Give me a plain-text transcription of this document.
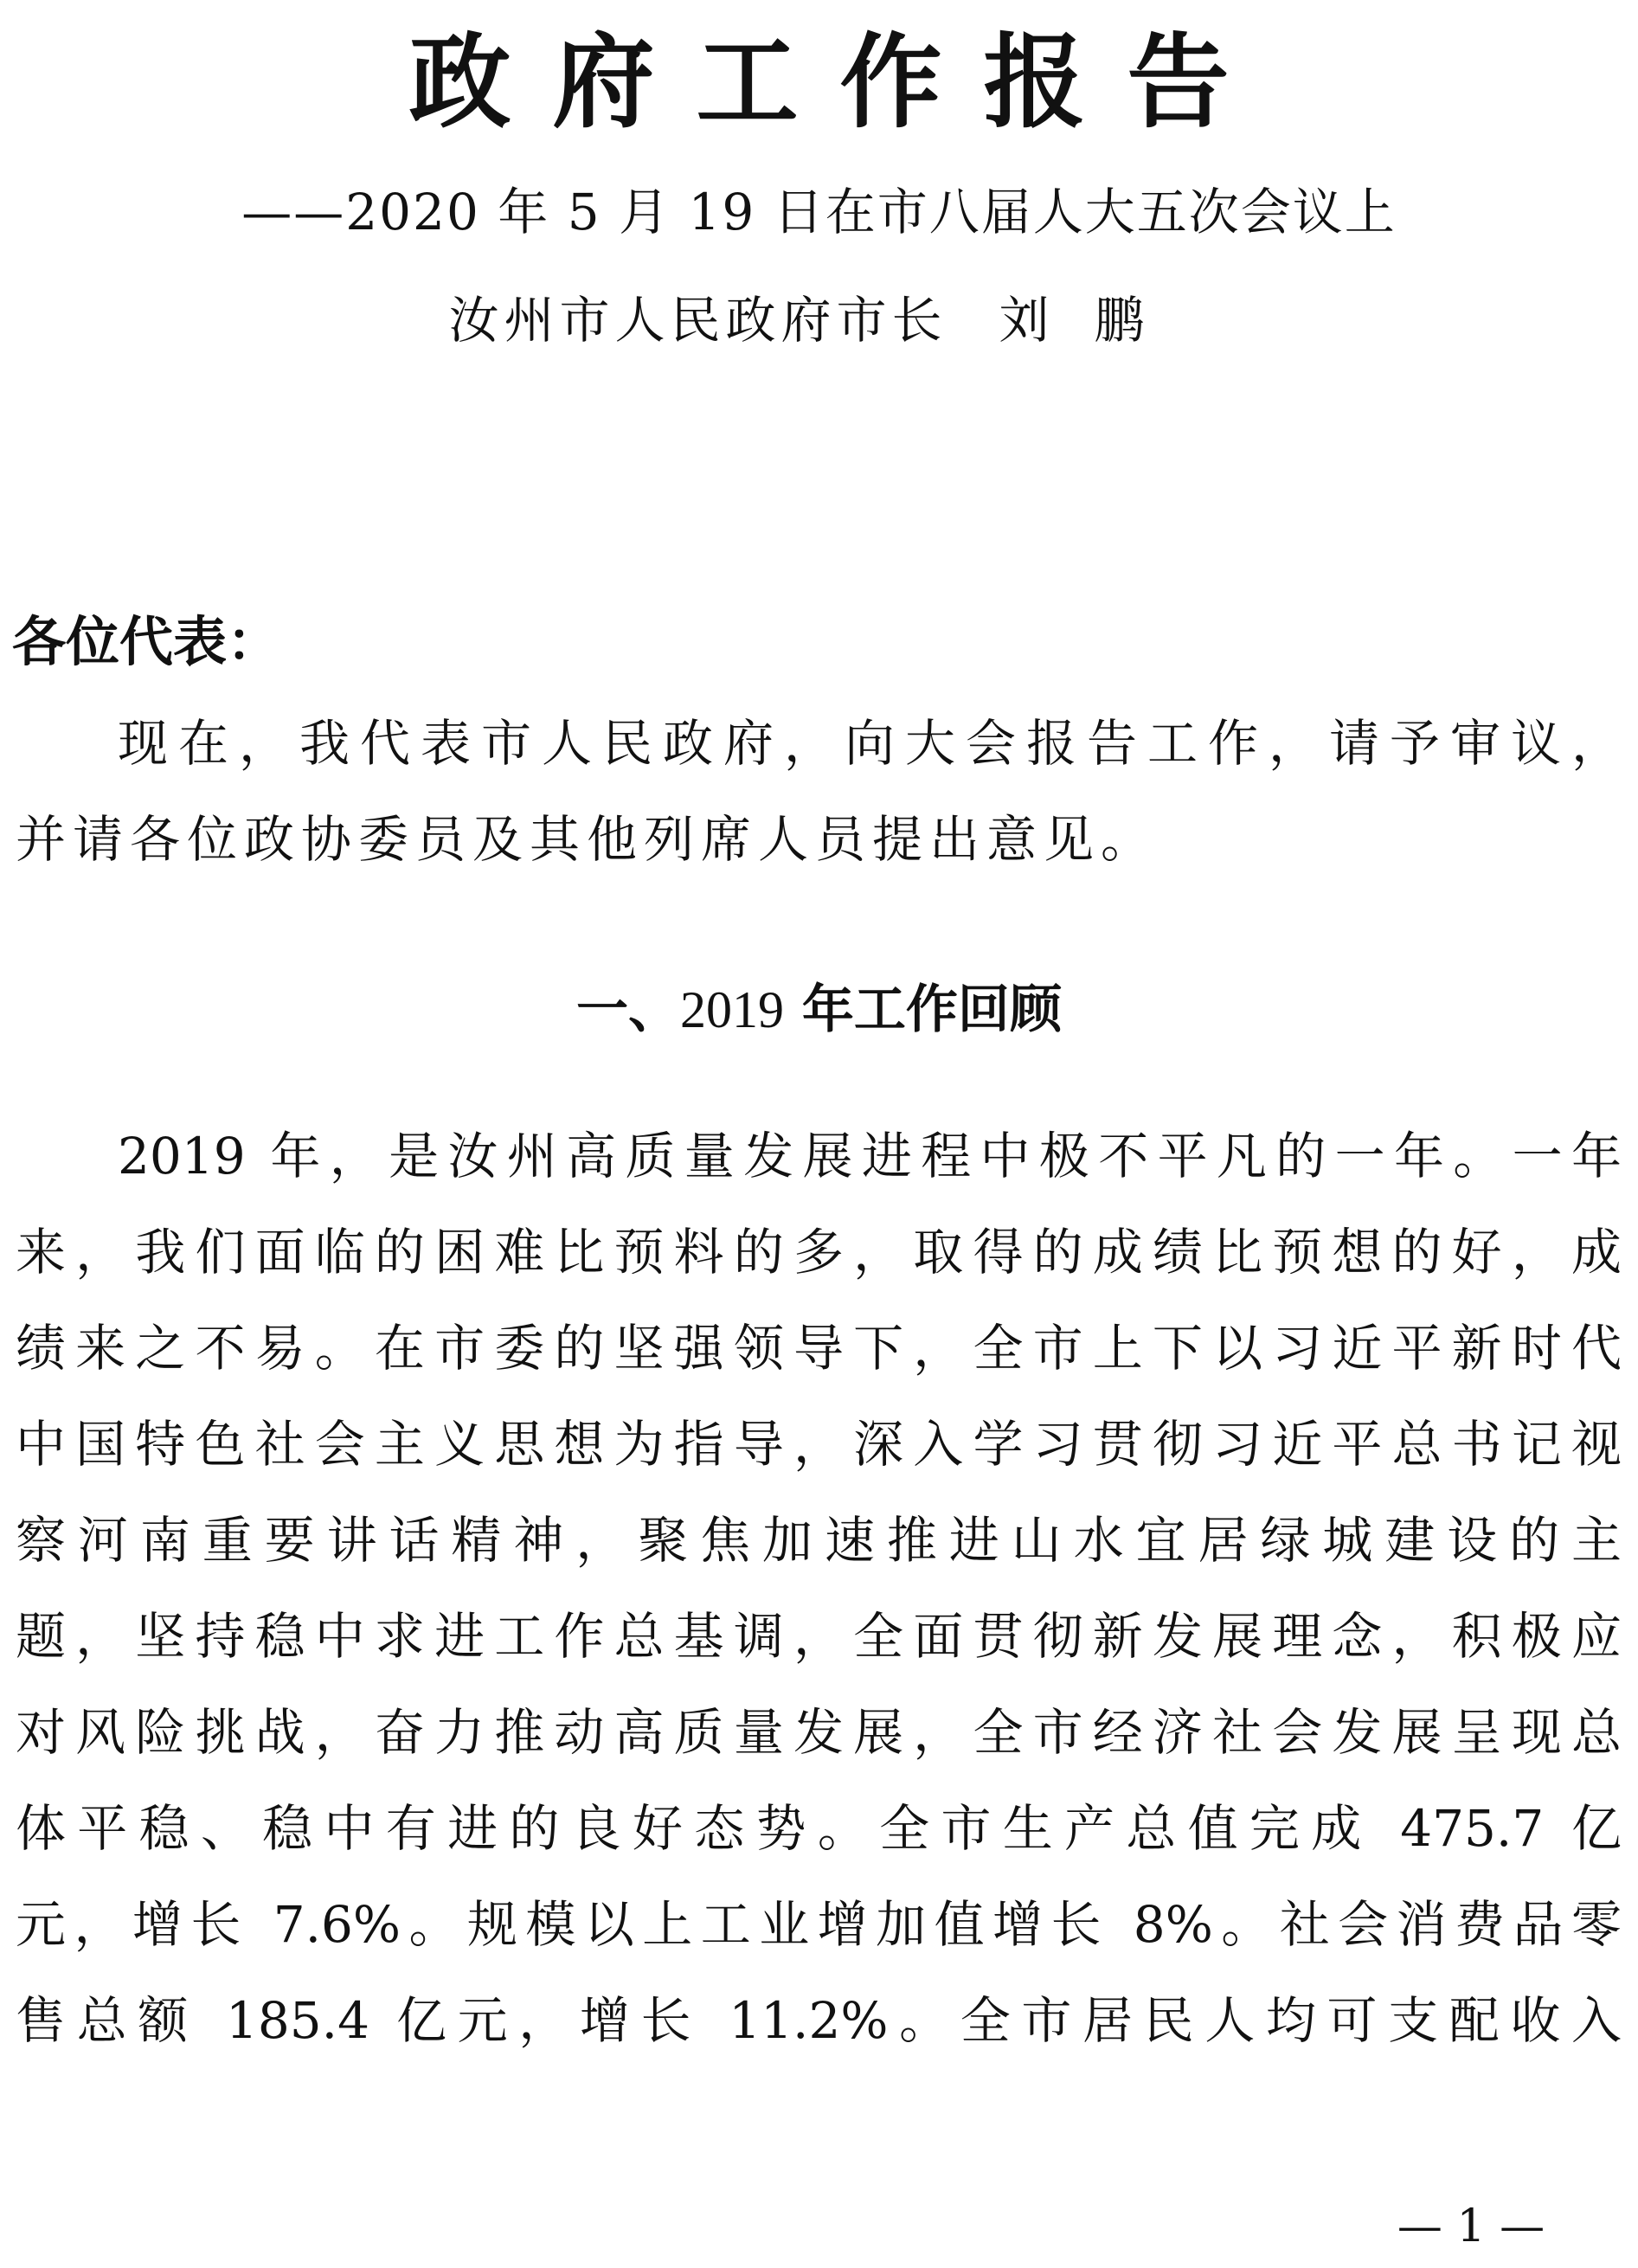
政府工作报告
——2020 年 5 月 19 日在市八届人大五次会议上
汝州市人民政府市长 刘鹏
各位代表：
现在，我代表市人民政府，向大会报告工作，请予审议，
并请各位政协委员及其他列席人员提出意见。
一、2019 年工作回顾
2019 年，是汝州高质量发展进程中极不平凡的一年。一年
来，我们面临的困难比预料的多，取得的成绩比预想的好，成
绩来之不易。在市委的坚强领导下，全市上下以习近平新时代
中国特色社会主义思想为指导，深入学习贯彻习近平总书记视
察河南重要讲话精神，聚焦加速推进山水宜居绿城建设的主
题，坚持稳中求进工作总基调，全面贯彻新发展理念，积极应
对风险挑战，奋力推动高质量发展，全市经济社会发展呈现总
体平稳、稳中有进的良好态势。全市生产总值完成 475.7 亿
元，增长 7.6%。规模以上工业增加值增长 8%。社会消费品零
售总额 185.4 亿元，增长 11.2%。全市居民人均可支配收入
— 1 —
